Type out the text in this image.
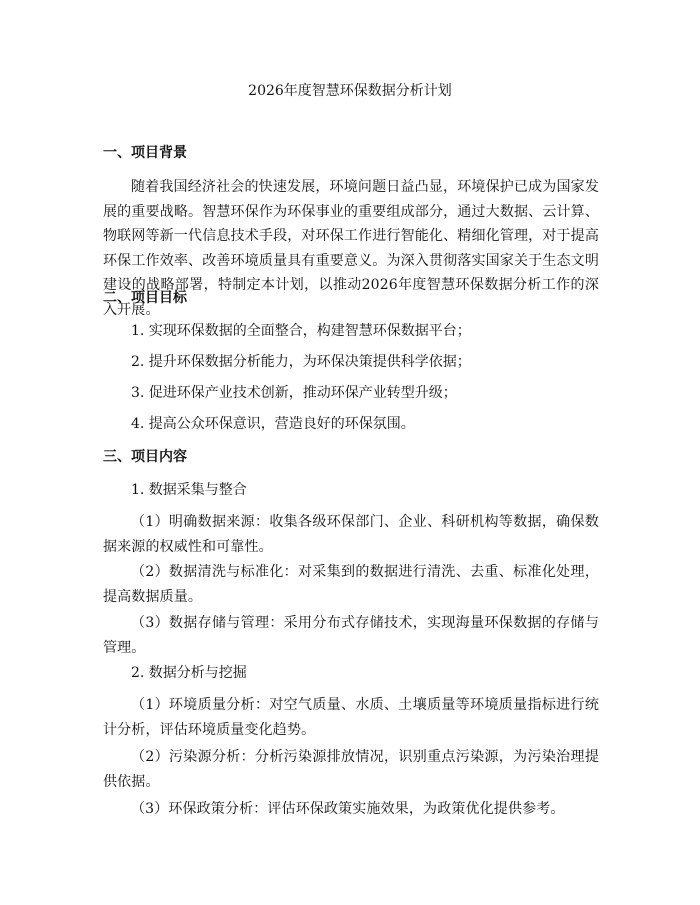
2026年度智慧环保数据分析计划
一、项目背景
随着我国经济社会的快速发展，环境问题日益凸显，环境保护已成为国家发展的重要战略。智慧环保作为环保事业的重要组成部分，通过大数据、云计算、物联网等新一代信息技术手段，对环保工作进行智能化、精细化管理，对于提高环保工作效率、改善环境质量具有重要意义。为深入贯彻落实国家关于生态文明建设的战略部署，特制定本计划，以推动2026年度智慧环保数据分析工作的深入开展。
二、项目目标
1. 实现环保数据的全面整合，构建智慧环保数据平台；
2. 提升环保数据分析能力，为环保决策提供科学依据；
3. 促进环保产业技术创新，推动环保产业转型升级；
4. 提高公众环保意识，营造良好的环保氛围。
三、项目内容
1. 数据采集与整合
（1）明确数据来源：收集各级环保部门、企业、科研机构等数据，确保数据来源的权威性和可靠性。
（2）数据清洗与标准化：对采集到的数据进行清洗、去重、标准化处理，提高数据质量。
（3）数据存储与管理：采用分布式存储技术，实现海量环保数据的存储与管理。
2. 数据分析与挖掘
（1）环境质量分析：对空气质量、水质、土壤质量等环境质量指标进行统计分析，评估环境质量变化趋势。
（2）污染源分析：分析污染源排放情况，识别重点污染源，为污染治理提供依据。
（3）环保政策分析：评估环保政策实施效果，为政策优化提供参考。
